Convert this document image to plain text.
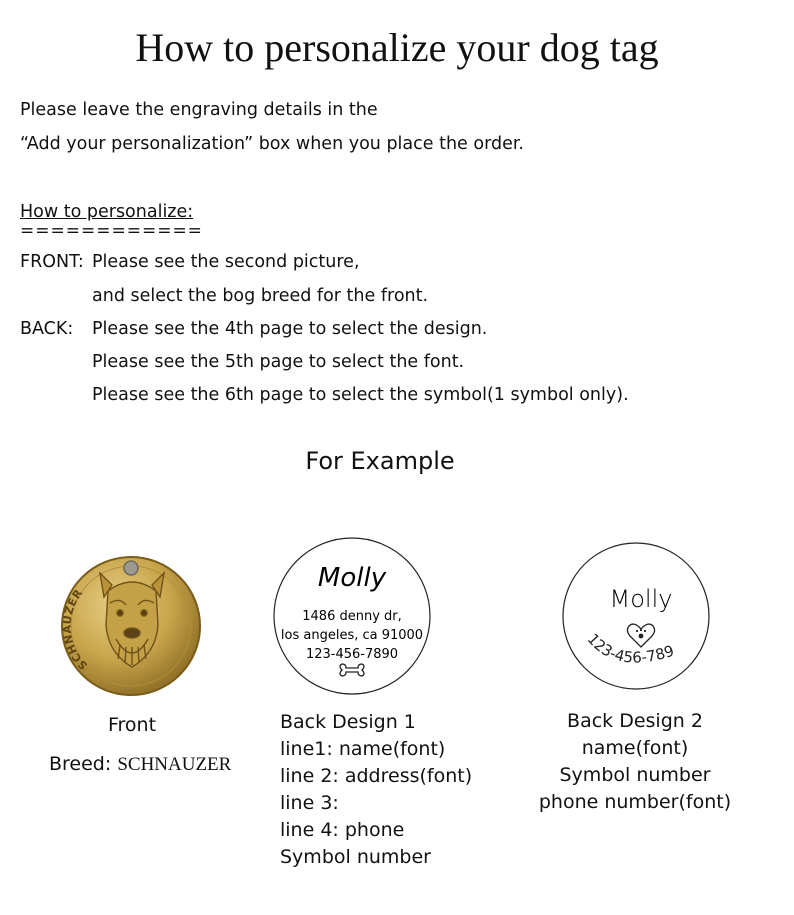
How to personalize your dog tag
Please leave the engraving details in the
“Add your personalization” box when you place the order.
How to personalize:
============
FRONT: Please see the second picture,
and select the bog breed for the front.
BACK: Please see the 4th page to select the design.
Please see the 5th page to select the font.
Please see the 6th page to select the symbol(1 symbol only).
For Example
SCHNAUZER
Front
Breed: SCHNAUZER
Molly
1486 denny dr,
los angeles, ca 91000
123-456-7890
Back Design 1
line1: name(font)
line 2: address(font)
line 3:
line 4: phone
Symbol number
Molly
123-456-7890
Back Design 2
name(font)
Symbol number
phone number(font)
